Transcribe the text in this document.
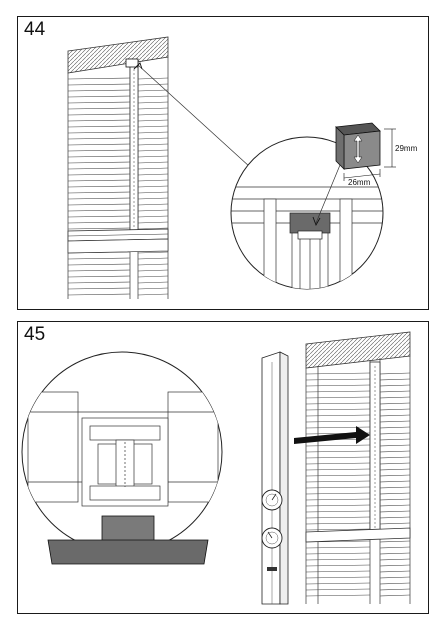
44
29mm
26mm
45
